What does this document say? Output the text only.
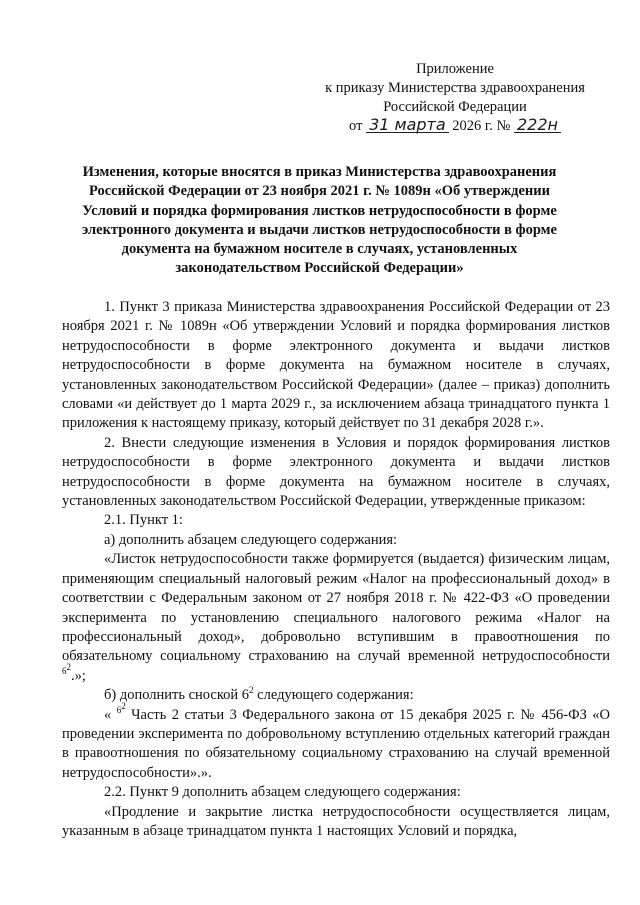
Приложение
к приказу Министерства здравоохранения
Российской Федерации
от 31 марта 2026 г. № 222н
Изменения, которые вносятся в приказ Министерства здравоохранения Российской Федерации от 23 ноября 2021 г. № 1089н «Об утверждении Условий и порядка формирования листков нетрудоспособности в форме электронного документа и выдачи листков нетрудоспособности в форме документа на бумажном носителе в случаях, установленных законодательством Российской Федерации»

1. Пункт 3 приказа Министерства здравоохранения Российской Федерации от 23 ноября 2021 г. № 1089н «Об утверждении Условий и порядка формирования листков нетрудоспособности в форме электронного документа и выдачи листков нетрудоспособности в форме документа на бумажном носителе в случаях, установленных законодательством Российской Федерации» (далее – приказ) дополнить словами «и действует до 1 марта 2029 г., за исключением абзаца тринадцатого пункта 1 приложения к настоящему приказу, который действует по 31 декабря 2028 г.».

2. Внести следующие изменения в Условия и порядок формирования листков нетрудоспособности в форме электронного документа и выдачи листков нетрудоспособности в форме документа на бумажном носителе в случаях, установленных законодательством Российской Федерации, утвержденные приказом:

2.1. Пункт 1:

а) дополнить абзацем следующего содержания:

«Листок нетрудоспособности также формируется (выдается) физическим лицам, применяющим специальный налоговый режим «Налог на профессиональный доход» в соответствии с Федеральным законом от 27 ноября 2018 г. № 422-ФЗ «О проведении эксперимента по установлению специального налогового режима «Налог на профессиональный доход», добровольно вступившим в правоотношения по обязательному социальному страхованию на случай временной нетрудоспособности $^{6^2}$.»;

б) дополнить сноской $6^2$ следующего содержания:

« $^{6^2}$ Часть 2 статьи 3 Федерального закона от 15 декабря 2025 г. № 456-ФЗ «О проведении эксперимента по добровольному вступлению отдельных категорий граждан в правоотношения по обязательному социальному страхованию на случай временной нетрудоспособности».».

2.2. Пункт 9 дополнить абзацем следующего содержания:

«Продление и закрытие листка нетрудоспособности осуществляется лицам, указанным в абзаце тринадцатом пункта 1 настоящих Условий и порядка,
